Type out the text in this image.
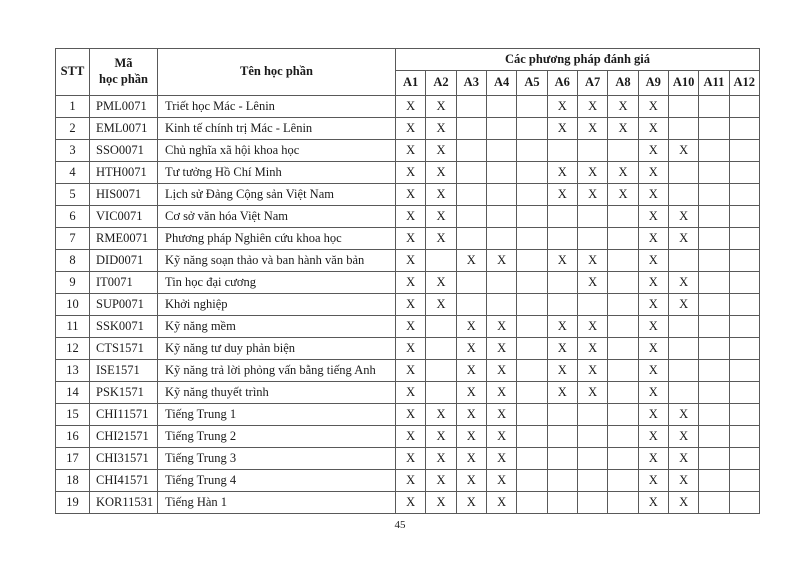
STT	Mã
học phần	Tên học phần	Các phương pháp đánh giá											
			A1	A2	A3	A4	A5	A6	A7	A8	A9	A10	A11	A12
1	PML0071	Triết học Mác - Lênin	X	X				X	X	X	X			
2	EML0071	Kinh tế chính trị Mác - Lênin	X	X				X	X	X	X			
3	SSO0071	Chủ nghĩa xã hội khoa học	X	X							X	X		
4	HTH0071	Tư tưởng Hồ Chí Minh	X	X				X	X	X	X			
5	HIS0071	Lịch sử Đảng Cộng sản Việt Nam	X	X				X	X	X	X			
6	VIC0071	Cơ sở văn hóa Việt Nam	X	X							X	X		
7	RME0071	Phương pháp Nghiên cứu khoa học	X	X							X	X		
8	DID0071	Kỹ năng soạn thảo và ban hành văn bản	X		X	X		X	X		X			
9	IT0071	Tin học đại cương	X	X					X		X	X		
10	SUP0071	Khởi nghiệp	X	X							X	X		
11	SSK0071	Kỹ năng mềm	X		X	X		X	X		X			
12	CTS1571	Kỹ năng tư duy phản biện	X		X	X		X	X		X			
13	ISE1571	Kỹ năng trả lời phỏng vấn bằng tiếng Anh	X		X	X		X	X		X			
14	PSK1571	Kỹ năng thuyết trình	X		X	X		X	X		X			
15	CHI11571	Tiếng Trung 1	X	X	X	X					X	X		
16	CHI21571	Tiếng Trung 2	X	X	X	X					X	X		
17	CHI31571	Tiếng Trung 3	X	X	X	X					X	X		
18	CHI41571	Tiếng Trung 4	X	X	X	X					X	X		
19	KOR11531	Tiếng Hàn 1	X	X	X	X					X	X		
45
